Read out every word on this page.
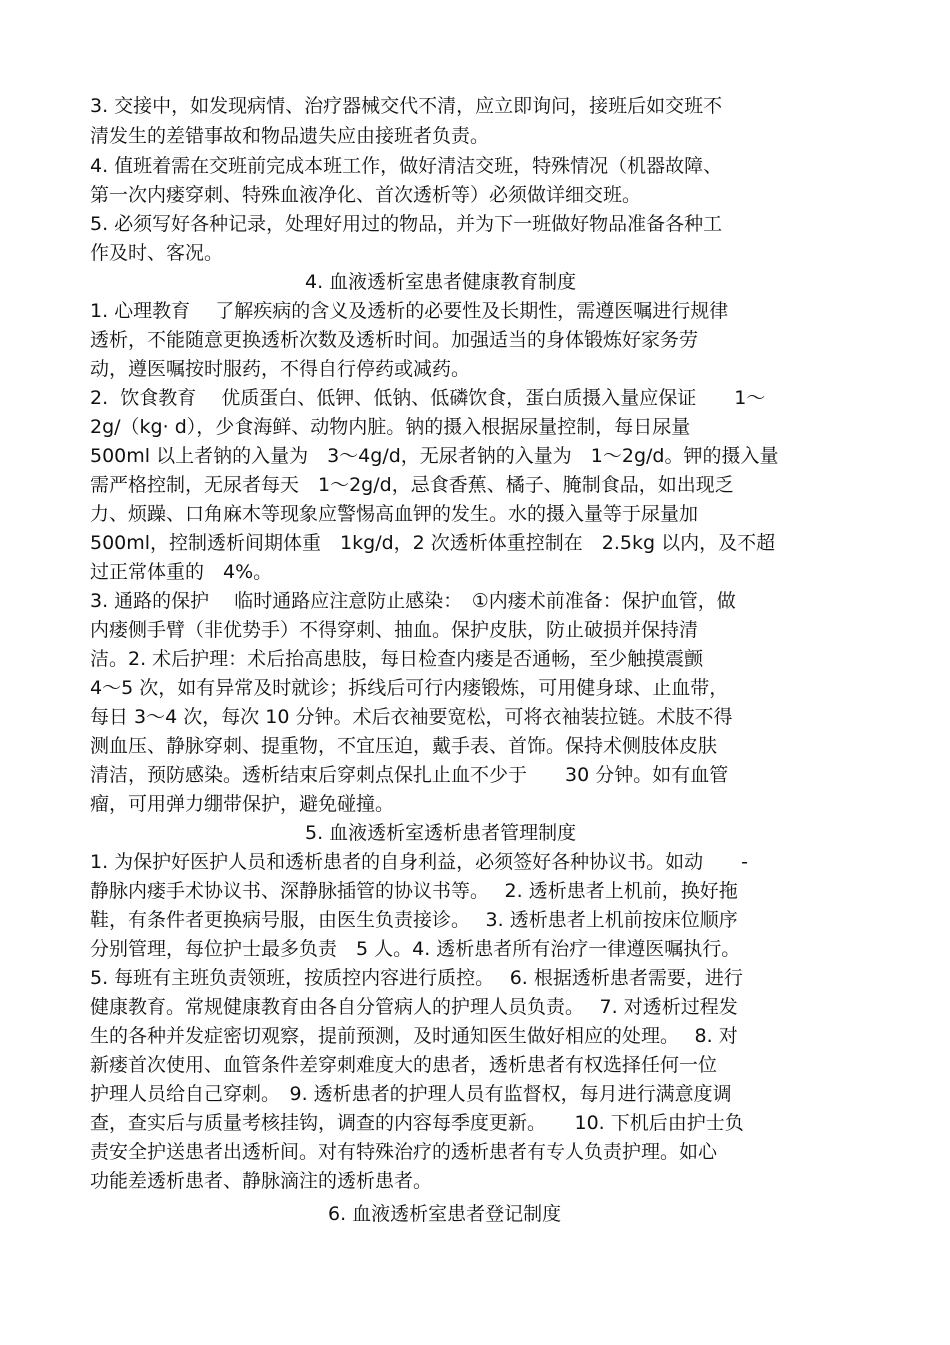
3. 交接中，如发现病情、治疗器械交代不清，应立即询问，接班后如交班不
清发生的差错事故和物品遗失应由接班者负责。
4. 值班着需在交班前完成本班工作，做好清洁交班，特殊情况（机器故障、
第一次内瘘穿刺、特殊血液净化、首次透析等）必须做详细交班。
5. 必须写好各种记录，处理好用过的物品，并为下一班做好物品准备各种工
作及时、客况。
4. 血液透析室患者健康教育制度
1. 心理教育　 了解疾病的含义及透析的必要性及长期性，需遵医嘱进行规律
透析，不能随意更换透析次数及透析时间。加强适当的身体锻炼好家务劳
动，遵医嘱按时服药，不得自行停药或减药。
2.  饮食教育　 优质蛋白、低钾、低钠、低磷饮食，蛋白质摄入量应保证　　1～
2g/（kg· d），少食海鲜、动物内脏。钠的摄入根据尿量控制，每日尿量
500ml 以上者钠的入量为　3～4g/d，无尿者钠的入量为　1～2g/d。钾的摄入量
需严格控制，无尿者每天　1～2g/d，忌食香蕉、橘子、腌制食品，如出现乏
力、烦躁、口角麻木等现象应警惕高血钾的发生。水的摄入量等于尿量加
500ml，控制透析间期体重　1kg/d，2 次透析体重控制在　2.5kg 以内，及不超
过正常体重的　4%。
3. 通路的保护　 临时通路应注意防止感染：　①内瘘术前准备：保护血管，做
内瘘侧手臂（非优势手）不得穿刺、抽血。保护皮肤，防止破损并保持清
洁。2. 术后护理：术后抬高患肢，每日检查内瘘是否通畅，至少触摸震颤
4～5 次，如有异常及时就诊；拆线后可行内瘘锻炼，可用健身球、止血带，
每日 3～4 次，每次 10 分钟。术后衣袖要宽松，可将衣袖装拉链。术肢不得
测血压、静脉穿刺、提重物，不宜压迫，戴手表、首饰。保持术侧肢体皮肤
清洁，预防感染。透析结束后穿刺点保扎止血不少于　　30 分钟。如有血管
瘤，可用弹力绷带保护，避免碰撞。
5. 血液透析室透析患者管理制度
1. 为保护好医护人员和透析患者的自身利益，必须签好各种协议书。如动　　-
静脉内瘘手术协议书、深静脉插管的协议书等。　 2. 透析患者上机前，换好拖
鞋，有条件者更换病号服，由医生负责接诊。　 3. 透析患者上机前按床位顺序
分别管理，每位护士最多负责　5 人。4. 透析患者所有治疗一律遵医嘱执行。
5. 每班有主班负责领班，按质控内容进行质控。　 6. 根据透析患者需要，进行
健康教育。常规健康教育由各自分管病人的护理人员负责。　 7. 对透析过程发
生的各种并发症密切观察，提前预测，及时通知医生做好相应的处理。　 8. 对
新瘘首次使用、血管条件差穿刺难度大的患者，透析患者有权选择任何一位
护理人员给自己穿刺。　9. 透析患者的护理人员有监督权，每月进行满意度调
查，查实后与质量考核挂钩，调查的内容每季度更新。　　10. 下机后由护士负
责安全护送患者出透析间。对有特殊治疗的透析患者有专人负责护理。如心
功能差透析患者、静脉滴注的透析患者。
6. 血液透析室患者登记制度
